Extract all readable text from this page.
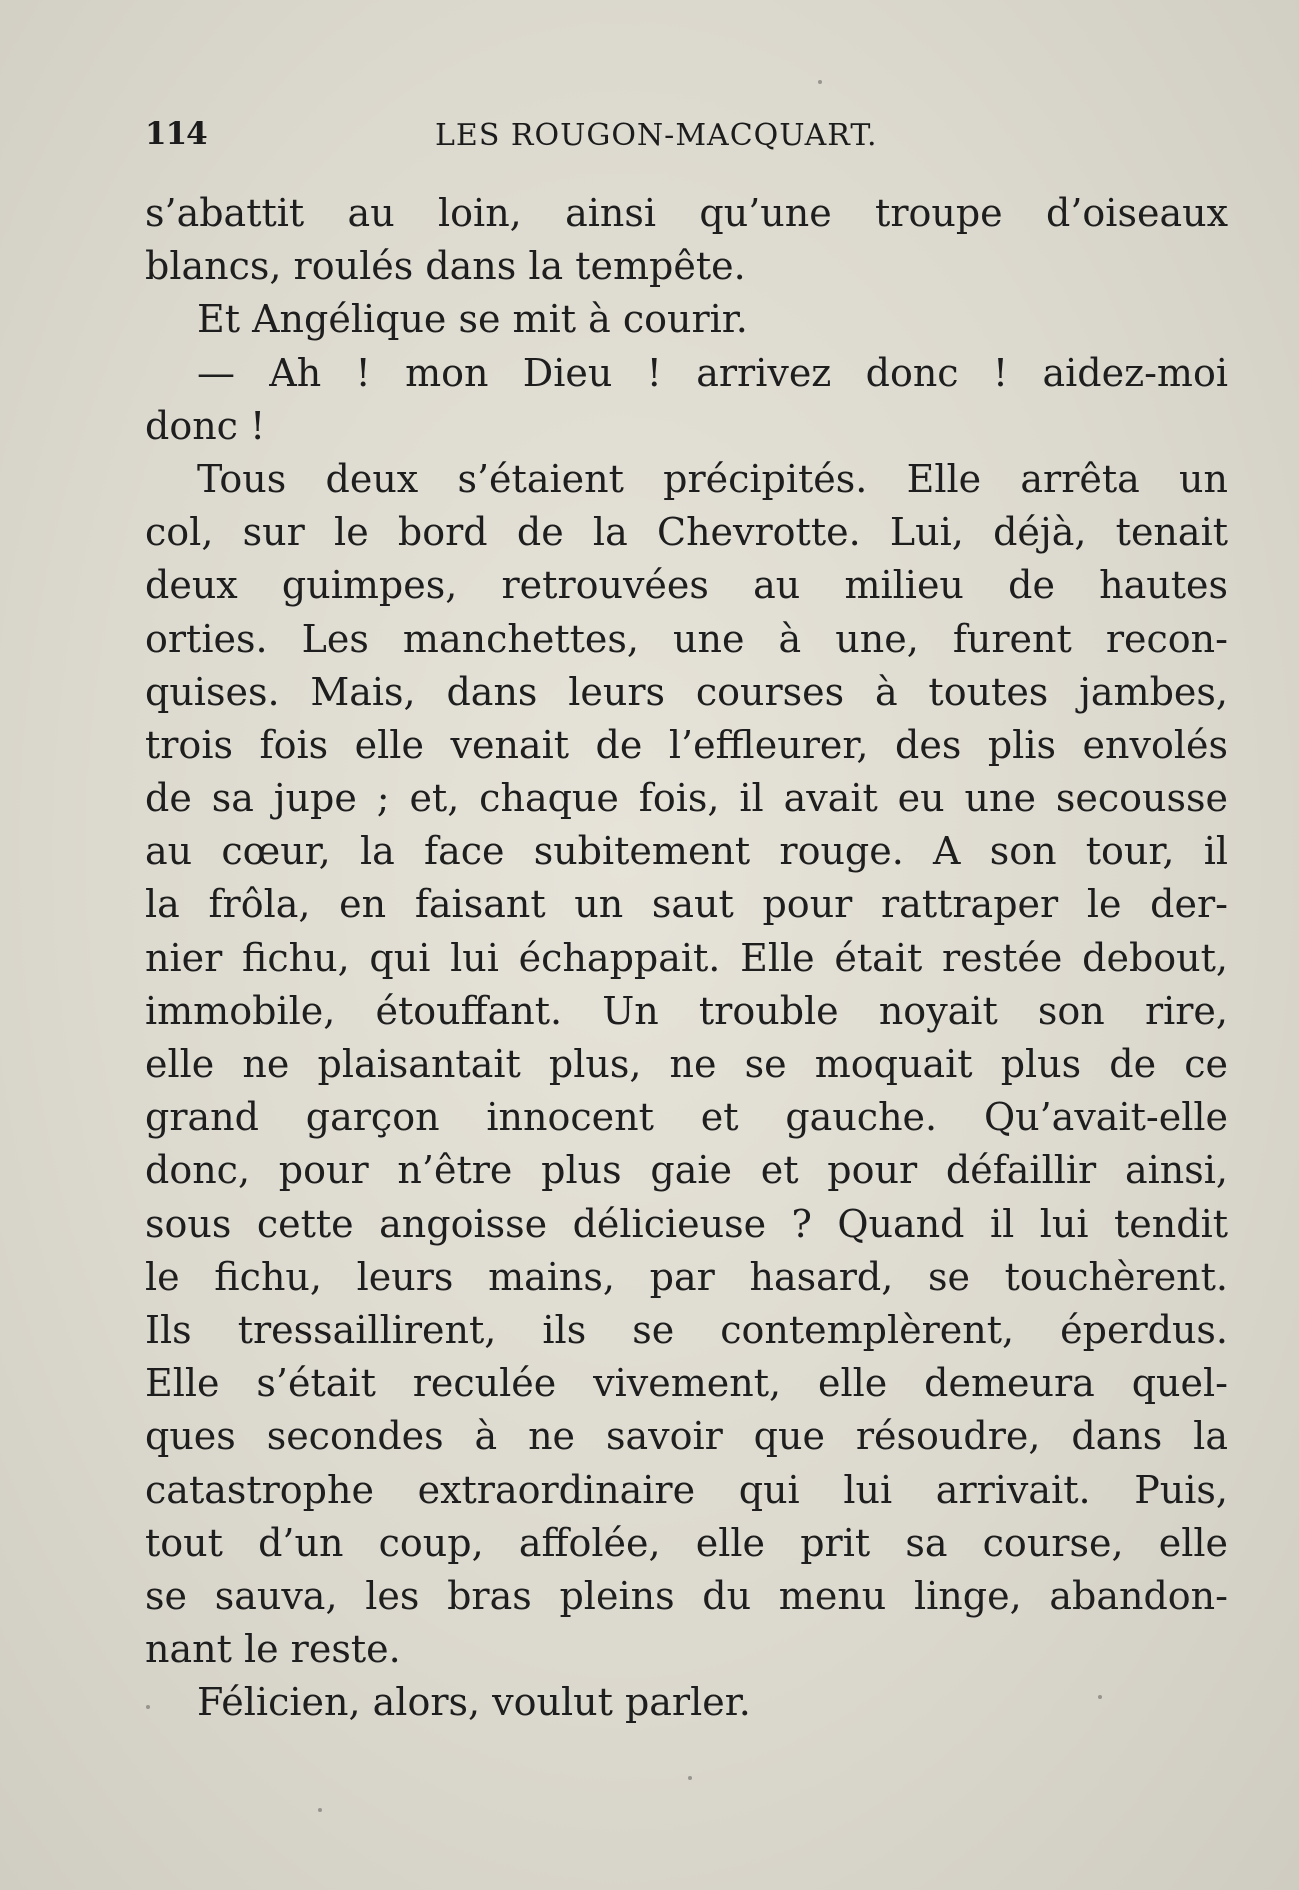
114	LES ROUGON-MACQUART.
s’abattit au loin, ainsi qu’une troupe d’oiseaux
blancs, roulés dans la tempête.
Et Angélique se mit à courir.
— Ah ! mon Dieu ! arrivez donc ! aidez-moi
donc !
Tous deux s’étaient précipités. Elle arrêta un
col, sur le bord de la Chevrotte. Lui, déjà, tenait
deux guimpes, retrouvées au milieu de hautes
orties. Les manchettes, une à une, furent recon-
quises. Mais, dans leurs courses à toutes jambes,
trois fois elle venait de l’effleurer, des plis envolés
de sa jupe ; et, chaque fois, il avait eu une secousse
au cœur, la face subitement rouge. A son tour, il
la frôla, en faisant un saut pour rattraper le der-
nier fichu, qui lui échappait. Elle était restée debout,
immobile, étouffant. Un trouble noyait son rire,
elle ne plaisantait plus, ne se moquait plus de ce
grand garçon innocent et gauche. Qu’avait-elle
donc, pour n’être plus gaie et pour défaillir ainsi,
sous cette angoisse délicieuse ? Quand il lui tendit
le fichu, leurs mains, par hasard, se touchèrent.
Ils tressaillirent, ils se contemplèrent, éperdus.
Elle s’était reculée vivement, elle demeura quel-
ques secondes à ne savoir que résoudre, dans la
catastrophe extraordinaire qui lui arrivait. Puis,
tout d’un coup, affolée, elle prit sa course, elle
se sauva, les bras pleins du menu linge, abandon-
nant le reste.
Félicien, alors, voulut parler.
